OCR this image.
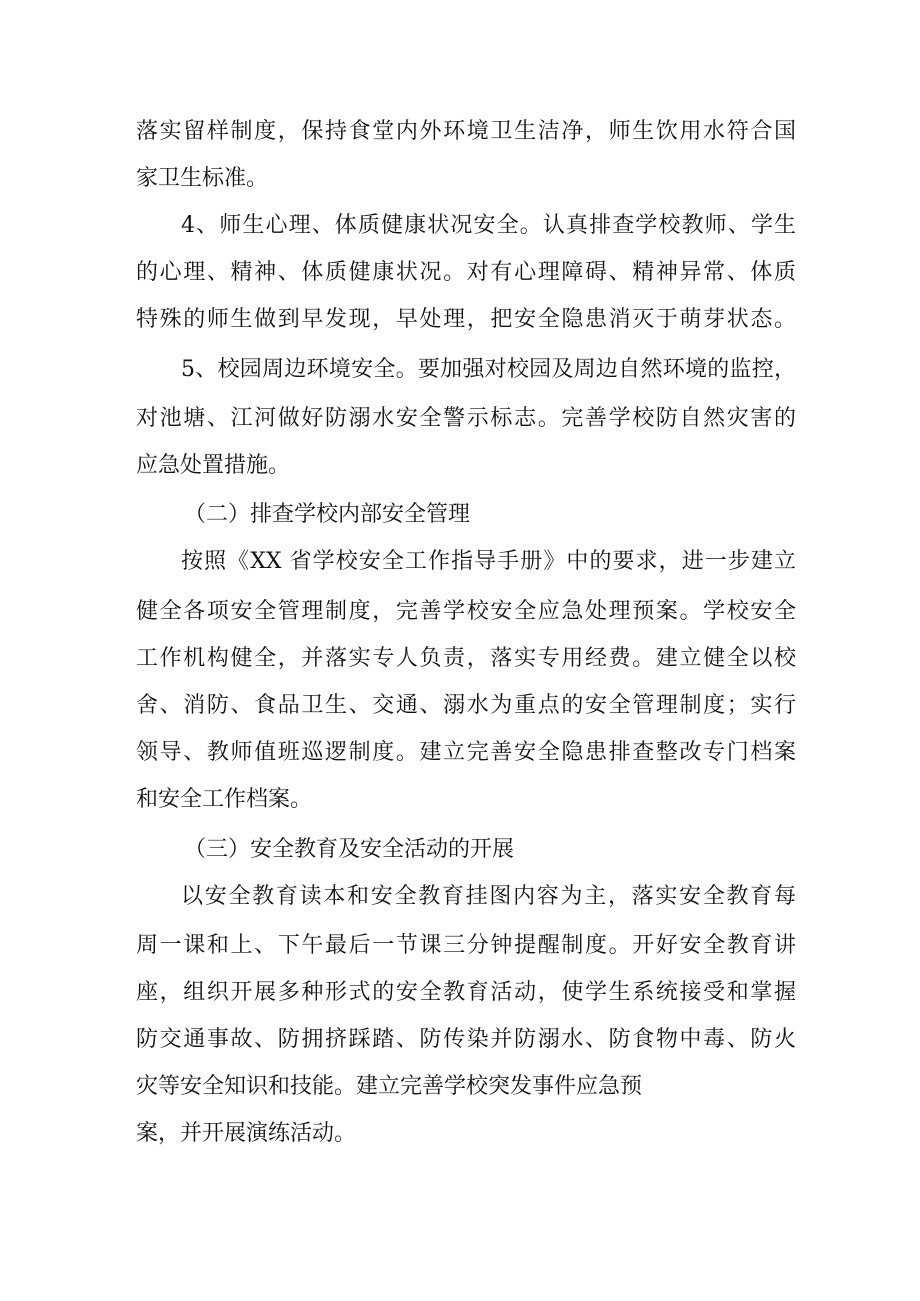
落实留样制度，保持食堂内外环境卫生洁净，师生饮用水符合国
家卫生标准。
4、师生心理、体质健康状况安全。认真排查学校教师、学生
的心理、精神、体质健康状况。对有心理障碍、精神异常、体质
特殊的师生做到早发现，早处理，把安全隐患消灭于萌芽状态。
5、校园周边环境安全。要加强对校园及周边自然环境的监控，
对池塘、江河做好防溺水安全警示标志。完善学校防自然灾害的
应急处置措施。
（二）排查学校内部安全管理
按照《XX 省学校安全工作指导手册》中的要求，进一步建立
健全各项安全管理制度，完善学校安全应急处理预案。学校安全
工作机构健全，并落实专人负责，落实专用经费。建立健全以校
舍、消防、食品卫生、交通、溺水为重点的安全管理制度；实行
领导、教师值班巡逻制度。建立完善安全隐患排查整改专门档案
和安全工作档案。
（三）安全教育及安全活动的开展
以安全教育读本和安全教育挂图内容为主，落实安全教育每
周一课和上、下午最后一节课三分钟提醒制度。开好安全教育讲
座，组织开展多种形式的安全教育活动，使学生系统接受和掌握
防交通事故、防拥挤踩踏、防传染并防溺水、防食物中毒、防火
灾等安全知识和技能。建立完善学校突发事件应急预
案，并开展演练活动。
